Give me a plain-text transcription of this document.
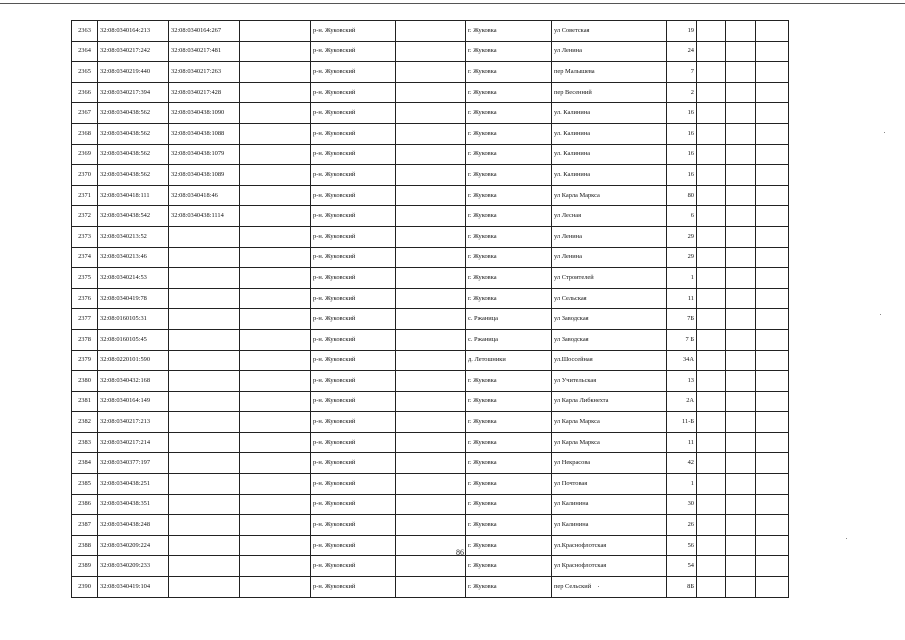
2363	32:08:0340164:213	32:08:0340164:267		р-н. Жуковский		г. Жуковка	ул Советская	19			
2364	32:08:0340217:242	32:08:0340217:481		р-н. Жуковский		г. Жуковка	ул Ленина	24			
2365	32:08:0340219:440	32:08:0340217:263		р-н. Жуковский		г. Жуковка	пер Малышева	7			
2366	32:08:0340217:394	32:08:0340217:428		р-н. Жуковский		г. Жуковка	пер Весенний	2			
2367	32:08:0340438:562	32:08:0340438:1090		р-н. Жуковский		г. Жуковка	ул. Калинина	16			
2368	32:08:0340438:562	32:08:0340438:1088		р-н. Жуковский		г. Жуковка	ул. Калинина	16			
2369	32:08:0340438:562	32:08:0340438:1079		р-н. Жуковский		г. Жуковка	ул. Калинина	16			
2370	32:08:0340438:562	32:08:0340438:1089		р-н. Жуковский		г. Жуковка	ул. Калинина	16			
2371	32:08:0340418:111	32:08:0340418:46		р-н. Жуковский		г. Жуковка	ул Карла Маркса	80			
2372	32:08:0340438:542	32:08:0340438:1114		р-н. Жуковский		г. Жуковка	ул Лесная	6			
2373	32:08:0340213:52			р-н. Жуковский		г. Жуковка	ул Ленина	29			
2374	32:08:0340213:46			р-н. Жуковский		г. Жуковка	ул Ленина	29			
2375	32:08:0340214:53			р-н. Жуковский		г. Жуковка	ул Строителей	1			
2376	32:08:0340419:78			р-н. Жуковский		г. Жуковка	ул Сельская	11			
2377	32:08:0160105:31			р-н. Жуковский		с. Ржаница	ул Заводская	7Б			
2378	32:08:0160105:45			р-н. Жуковский		с. Ржаница	ул Заводская	7 Б			
2379	32:08:0220101:590			р-н. Жуковский		д. Летошники	ул.Шоссейная	34А			
2380	32:08:0340432:168			р-н. Жуковский		г. Жуковка	ул Учительская	13			
2381	32:08:0340164:149			р-н. Жуковский		г. Жуковка	ул Карла Либкнехта	2А			
2382	32:08:0340217:213			р-н. Жуковский		г. Жуковка	ул Карла Маркса	11-Б			
2383	32:08:0340217:214			р-н. Жуковский		г. Жуковка	ул Карла Маркса	11			
2384	32:08:0340377:197			р-н. Жуковский		г. Жуковка	ул Некрасова	42			
2385	32:08:0340438:251			р-н. Жуковский		г. Жуковка	ул Почтовая	1			
2386	32:08:0340438:351			р-н. Жуковский		г. Жуковка	ул Калинина	30			
2387	32:08:0340438:248			р-н. Жуковский		г. Жуковка	ул Калинина	26			
2388	32:08:0340209:224			р-н. Жуковский		г. Жуковка	ул.Краснофлотская	56			
2389	32:08:0340209:233			р-н. Жуковский		г. Жуковка	ул Краснофлотская	54			
2390	32:08:0340419:104			р-н. Жуковский		г. Жуковка	пер Сельский	8Б			
86
